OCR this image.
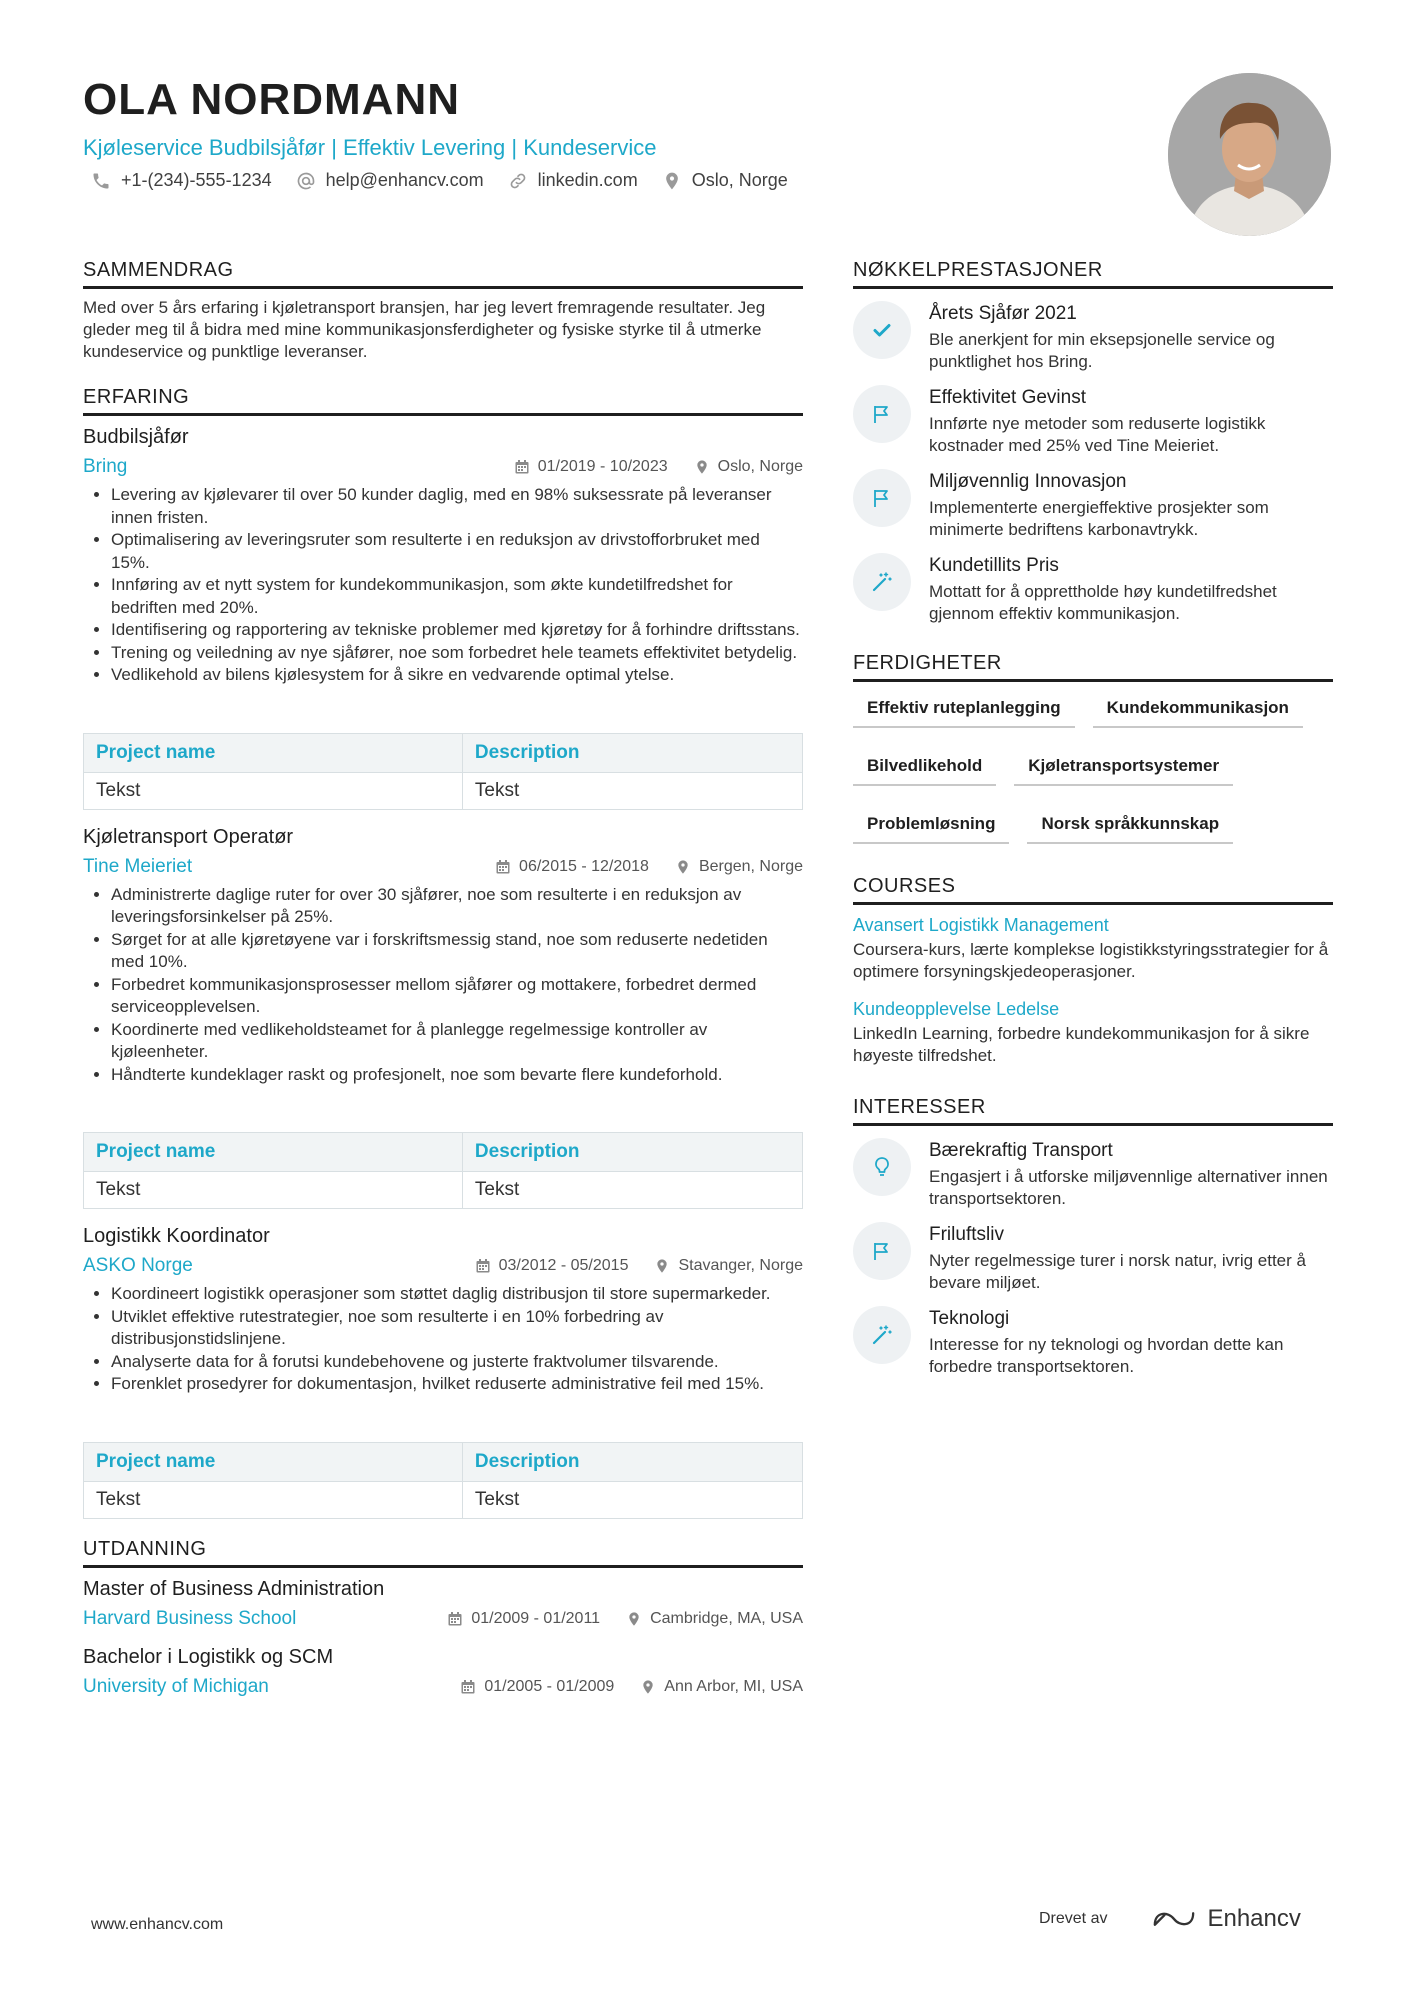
OLA NORDMANN
Kjøleservice Budbilsjåfør | Effektiv Levering | Kundeservice
+1-(234)-555-1234	help@enhancv.com	linkedin.com	Oslo, Norge
SAMMENDRAG
Med over 5 års erfaring i kjøletransport bransjen, har jeg levert fremragende resultater. Jeg gleder meg til å bidra med mine kommunikasjonsferdigheter og fysiske styrke til å utmerke kundeservice og punktlige leveranser.
ERFARING
Budbilsjåfør
Bring	01/2019 - 10/2023	Oslo, Norge
• Levering av kjølevarer til over 50 kunder daglig, med en 98% suksessrate på leveranser innen fristen.
• Optimalisering av leveringsruter som resulterte i en reduksjon av drivstofforbruket med 15%.
• Innføring av et nytt system for kundekommunikasjon, som økte kundetilfredshet for bedriften med 20%.
• Identifisering og rapportering av tekniske problemer med kjøretøy for å forhindre driftsstans.
• Trening og veiledning av nye sjåfører, noe som forbedret hele teamets effektivitet betydelig.
• Vedlikehold av bilens kjølesystem for å sikre en vedvarende optimal ytelse.
Project name	Description
Tekst	Tekst
Kjøletransport Operatør
Tine Meieriet	06/2015 - 12/2018	Bergen, Norge
• Administrerte daglige ruter for over 30 sjåfører, noe som resulterte i en reduksjon av leveringsforsinkelser på 25%.
• Sørget for at alle kjøretøyene var i forskriftsmessig stand, noe som reduserte nedetiden med 10%.
• Forbedret kommunikasjonsprosesser mellom sjåfører og mottakere, forbedret dermed serviceopplevelsen.
• Koordinerte med vedlikeholdsteamet for å planlegge regelmessige kontroller av kjøleenheter.
• Håndterte kundeklager raskt og profesjonelt, noe som bevarte flere kundeforhold.
Project name	Description
Tekst	Tekst
Logistikk Koordinator
ASKO Norge	03/2012 - 05/2015	Stavanger, Norge
• Koordineert logistikk operasjoner som støttet daglig distribusjon til store supermarkeder.
• Utviklet effektive rutestrategier, noe som resulterte i en 10% forbedring av distribusjonstidslinjene.
• Analyserte data for å forutsi kundebehovene og justerte fraktvolumer tilsvarende.
• Forenklet prosedyrer for dokumentasjon, hvilket reduserte administrative feil med 15%.
Project name	Description
Tekst	Tekst
UTDANNING
Master of Business Administration
Harvard Business School	01/2009 - 01/2011	Cambridge, MA, USA
Bachelor i Logistikk og SCM
University of Michigan	01/2005 - 01/2009	Ann Arbor, MI, USA
NØKKELPRESTASJONER
Årets Sjåfør 2021
Ble anerkjent for min eksepsjonelle service og punktlighet hos Bring.
Effektivitet Gevinst
Innførte nye metoder som reduserte logistikk kostnader med 25% ved Tine Meieriet.
Miljøvennlig Innovasjon
Implementerte energieffektive prosjekter som minimerte bedriftens karbonavtrykk.
Kundetillits Pris
Mottatt for å opprettholde høy kundetilfredshet gjennom effektiv kommunikasjon.
FERDIGHETER
Effektiv ruteplanlegging	Kundekommunikasjon
Bilvedlikehold	Kjøletransportsystemer
Problemløsning	Norsk språkkunnskap
COURSES
Avansert Logistikk Management
Coursera-kurs, lærte komplekse logistikkstyringsstrategier for å optimere forsyningskjedeoperasjoner.
Kundeopplevelse Ledelse
LinkedIn Learning, forbedre kundekommunikasjon for å sikre høyeste tilfredshet.
INTERESSER
Bærekraftig Transport
Engasjert i å utforske miljøvennlige alternativer innen transportsektoren.
Friluftsliv
Nyter regelmessige turer i norsk natur, ivrig etter å bevare miljøet.
Teknologi
Interesse for ny teknologi og hvordan dette kan forbedre transportsektoren.
www.enhancv.com	Drevet av	Enhancv
